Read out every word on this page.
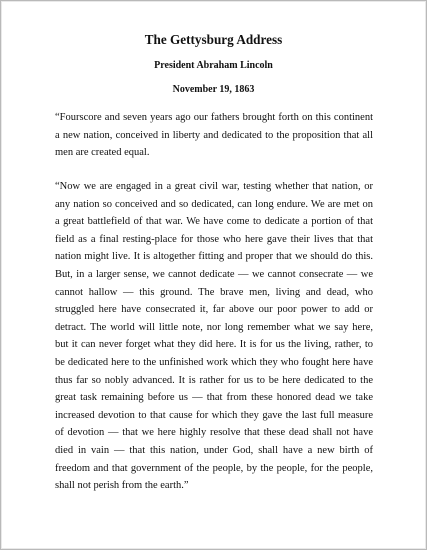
The Gettysburg Address
President Abraham Lincoln
November 19, 1863

“Fourscore and seven years ago our fathers brought forth on this continent a new nation, conceived in liberty and dedicated to the proposition that all men are created equal.

“Now we are engaged in a great civil war, testing whether that nation, or any nation so conceived and so dedicated, can long endure. We are met on a great battlefield of that war. We have come to dedicate a portion of that field as a final resting-place for those who here gave their lives that that nation might live. It is altogether fitting and proper that we should do this. But, in a larger sense, we cannot dedicate — we cannot consecrate — we cannot hallow — this ground. The brave men, living and dead, who struggled here have consecrated it, far above our poor power to add or detract. The world will little note, nor long remember what we say here, but it can never forget what they did here. It is for us the living, rather, to be dedicated here to the unfinished work which they who fought here have thus far so nobly advanced. It is rather for us to be here dedicated to the great task remaining before us — that from these honored dead we take increased devotion to that cause for which they gave the last full measure of devotion — that we here highly resolve that these dead shall not have died in vain — that this nation, under God, shall have a new birth of freedom and that government of the people, by the people, for the people, shall not perish from the earth.”
